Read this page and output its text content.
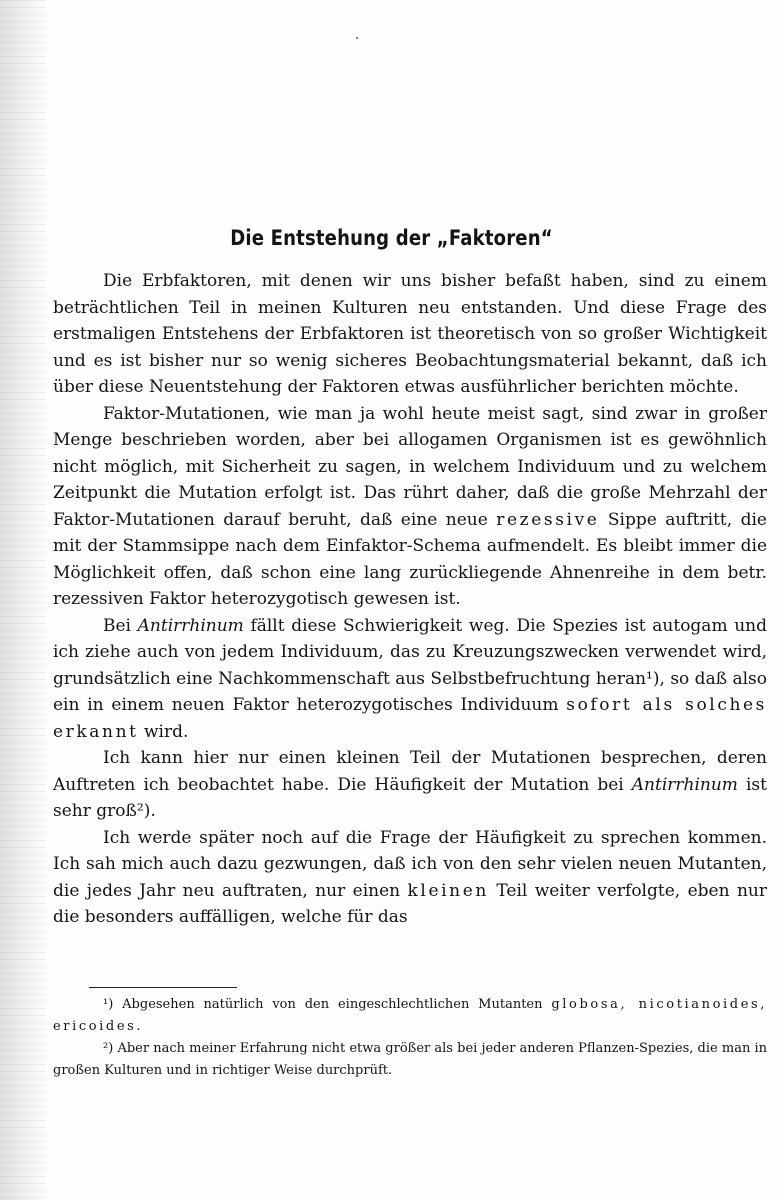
Die Entstehung der „Faktoren“

Die Erbfaktoren, mit denen wir uns bisher befaßt haben, sind zu einem beträchtlichen Teil in meinen Kulturen neu entstanden. Und diese Frage des erstmaligen Entstehens der Erbfaktoren ist theoretisch von so großer Wichtigkeit und es ist bisher nur so wenig sicheres Beobachtungsmaterial bekannt, daß ich über diese Neuentstehung der Faktoren etwas ausführlicher berichten möchte.

Faktor-Mutationen, wie man ja wohl heute meist sagt, sind zwar in großer Menge beschrieben worden, aber bei allogamen Organismen ist es gewöhnlich nicht möglich, mit Sicherheit zu sagen, in welchem Individuum und zu welchem Zeitpunkt die Mutation erfolgt ist. Das rührt daher, daß die große Mehrzahl der Faktor-Mutationen darauf beruht, daß eine neue rezessive Sippe auftritt, die mit der Stammsippe nach dem Einfaktor-Schema aufmendelt. Es bleibt immer die Möglichkeit offen, daß schon eine lang zurückliegende Ahnenreihe in dem betr. rezessiven Faktor heterozygotisch gewesen ist.

Bei Antirrhinum fällt diese Schwierigkeit weg. Die Spezies ist autogam und ich ziehe auch von jedem Individuum, das zu Kreuzungszwecken verwendet wird, grundsätzlich eine Nachkommenschaft aus Selbstbefruchtung heran¹), so daß also ein in einem neuen Faktor heterozygotisches Individuum sofort als solches erkannt wird.

Ich kann hier nur einen kleinen Teil der Mutationen besprechen, deren Auftreten ich beobachtet habe. Die Häufigkeit der Mutation bei Antirrhinum ist sehr groß²).

Ich werde später noch auf die Frage der Häufigkeit zu sprechen kommen. Ich sah mich auch dazu gezwungen, daß ich von den sehr vielen neuen Mutanten, die jedes Jahr neu auftraten, nur einen kleinen Teil weiter verfolgte, eben nur die besonders auffälligen, welche für das

¹) Abgesehen natürlich von den eingeschlechtlichen Mutanten globosa, nicotianoides, ericoides.

²) Aber nach meiner Erfahrung nicht etwa größer als bei jeder anderen Pflanzen-Spezies, die man in großen Kulturen und in richtiger Weise durchprüft.
